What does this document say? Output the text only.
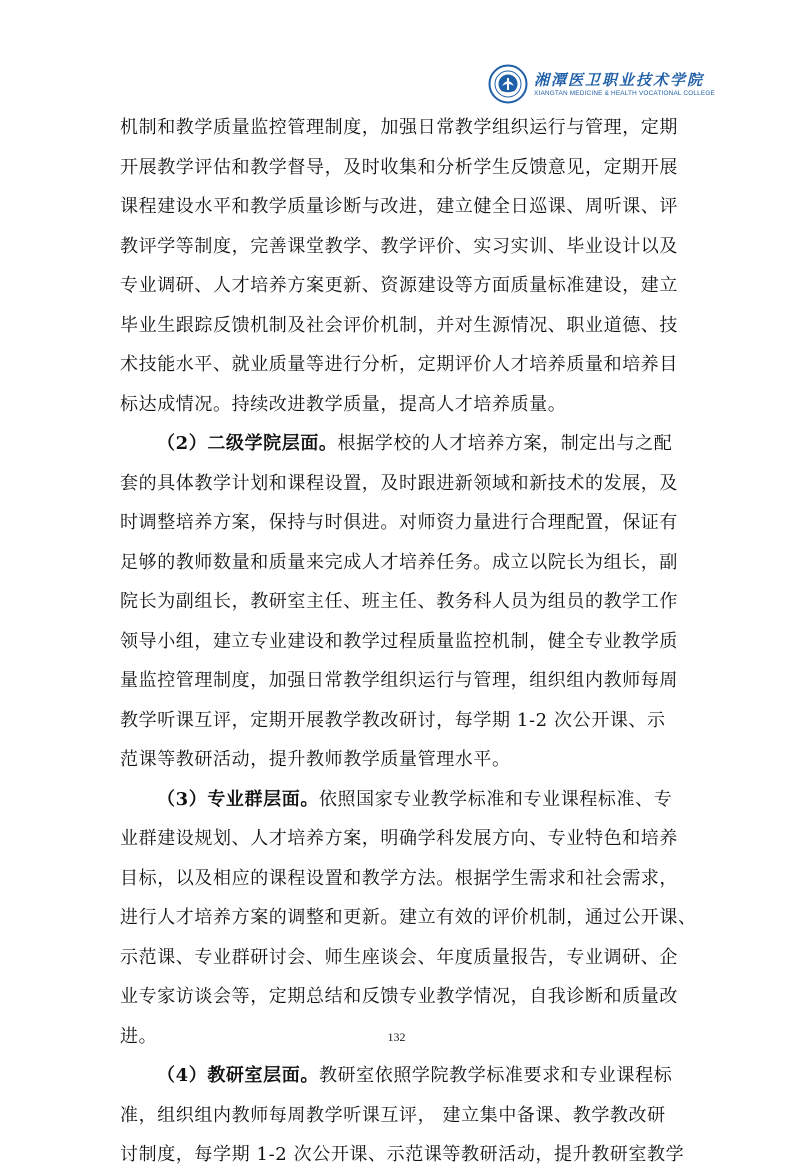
湘潭医卫职业技术学院
XIANGTAN MEDICINE & HEALTH VOCATIONAL COLLEGE
机制和教学质量监控管理制度，加强日常教学组织运行与管理，定期
开展教学评估和教学督导，及时收集和分析学生反馈意见，定期开展
课程建设水平和教学质量诊断与改进，建立健全日巡课、周听课、评
教评学等制度，完善课堂教学、教学评价、实习实训、毕业设计以及
专业调研、人才培养方案更新、资源建设等方面质量标准建设，建立
毕业生跟踪反馈机制及社会评价机制，并对生源情况、职业道德、技
术技能水平、就业质量等进行分析，定期评价人才培养质量和培养目
标达成情况。持续改进教学质量，提高人才培养质量。
（2）二级学院层面。根据学校的人才培养方案，制定出与之配
套的具体教学计划和课程设置，及时跟进新领域和新技术的发展，及
时调整培养方案，保持与时俱进。对师资力量进行合理配置，保证有
足够的教师数量和质量来完成人才培养任务。成立以院长为组长，副
院长为副组长，教研室主任、班主任、教务科人员为组员的教学工作
领导小组，建立专业建设和教学过程质量监控机制，健全专业教学质
量监控管理制度，加强日常教学组织运行与管理，组织组内教师每周
教学听课互评，定期开展教学教改研讨，每学期 1-2 次公开课、示
范课等教研活动，提升教师教学质量管理水平。
（3）专业群层面。依照国家专业教学标准和专业课程标准、专
业群建设规划、人才培养方案，明确学科发展方向、专业特色和培养
目标，以及相应的课程设置和教学方法。根据学生需求和社会需求，
进行人才培养方案的调整和更新。建立有效的评价机制，通过公开课、
示范课、专业群研讨会、师生座谈会、年度质量报告，专业调研、企
业专家访谈会等，定期总结和反馈专业教学情况，自我诊断和质量改
进。
（4）教研室层面。教研室依照学院教学标准要求和专业课程标
准，组织组内教师每周教学听课互评， 建立集中备课、教学教改研
讨制度，每学期 1-2 次公开课、示范课等教研活动，提升教研室教学
132
